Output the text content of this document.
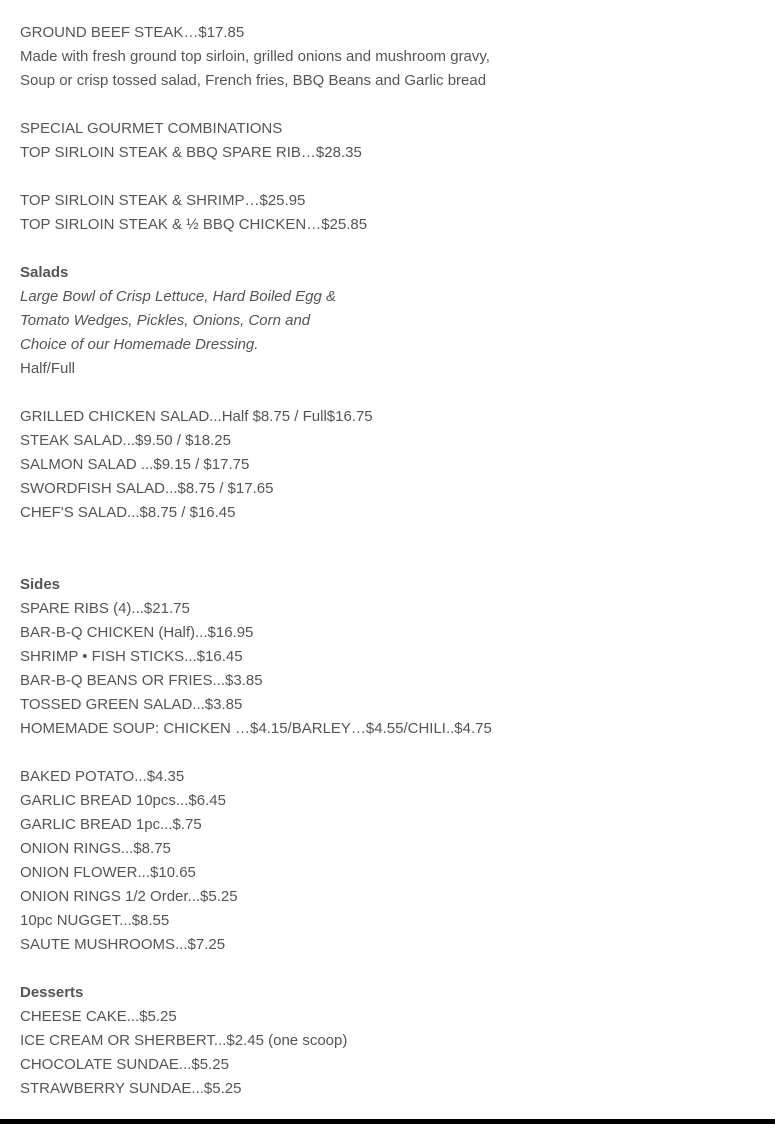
GROUND BEEF STEAK…$17.85
Made with fresh ground top sirloin, grilled onions and mushroom gravy,
Soup or crisp tossed salad, French fries, BBQ Beans and Garlic bread
SPECIAL GOURMET COMBINATIONS
TOP SIRLOIN STEAK & BBQ SPARE RIB…$28.35
TOP SIRLOIN STEAK & SHRIMP…$25.95
TOP SIRLOIN STEAK & ½ BBQ CHICKEN…$25.85
Salads
Large Bowl of Crisp Lettuce, Hard Boiled Egg &
Tomato Wedges, Pickles, Onions, Corn and
Choice of our Homemade Dressing.
Half/Full
GRILLED CHICKEN SALAD...Half $8.75 / Full$16.75
STEAK SALAD...$9.50 / $18.25
SALMON SALAD ...$9.15 / $17.75
SWORDFISH SALAD...$8.75 / $17.65
CHEF'S SALAD...$8.75 / $16.45
Sides
SPARE RIBS (4)...$21.75
BAR-B-Q CHICKEN (Half)...$16.95
SHRIMP • FISH STICKS...$16.45
BAR-B-Q BEANS OR FRIES...$3.85
TOSSED GREEN SALAD...$3.85
HOMEMADE SOUP: CHICKEN …$4.15/BARLEY…$4.55/CHILI..$4.75
BAKED POTATO...$4.35
GARLIC BREAD 10pcs...$6.45
GARLIC BREAD 1pc...$.75
ONION RINGS...$8.75
ONION FLOWER...$10.65
ONION RINGS 1/2 Order...$5.25
10pc NUGGET...$8.55
SAUTE MUSHROOMS...$7.25
Desserts
CHEESE CAKE...$5.25
ICE CREAM OR SHERBERT...$2.45 (one scoop)
CHOCOLATE SUNDAE...$5.25
STRAWBERRY SUNDAE...$5.25
